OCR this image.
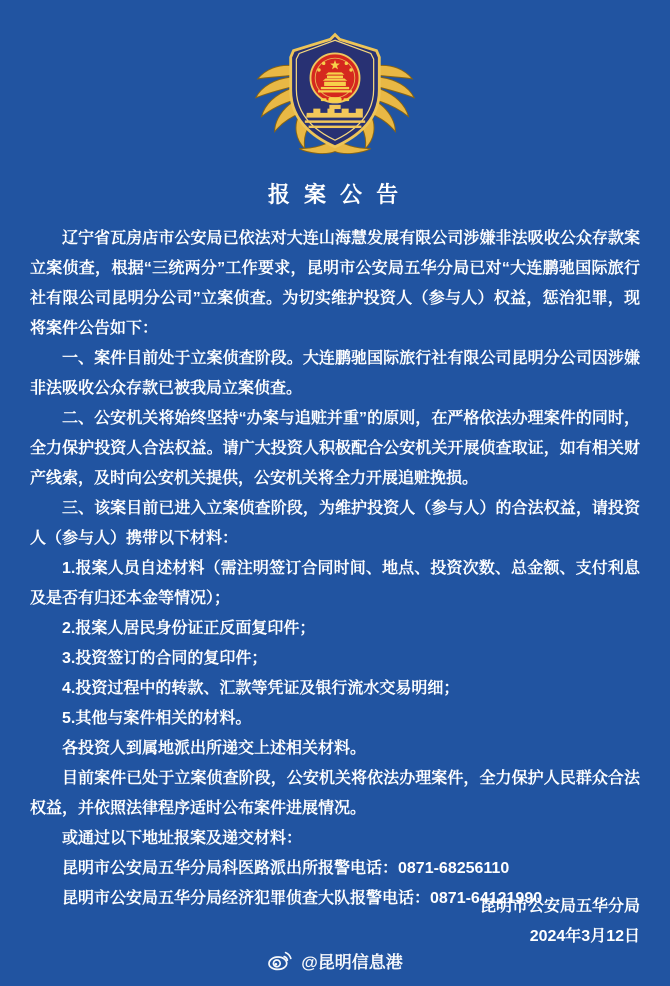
报 案 公 告

辽宁省瓦房店市公安局已依法对大连山海慧发展有限公司涉嫌非法吸收公众存款案立案侦查，根据“三统两分”工作要求，昆明市公安局五华分局已对“大连鹏驰国际旅行社有限公司昆明分公司”立案侦查。为切实维护投资人（参与人）权益，惩治犯罪，现将案件公告如下：

一、案件目前处于立案侦查阶段。大连鹏驰国际旅行社有限公司昆明分公司因涉嫌非法吸收公众存款已被我局立案侦查。

二、公安机关将始终坚持“办案与追赃并重”的原则，在严格依法办理案件的同时，全力保护投资人合法权益。请广大投资人积极配合公安机关开展侦查取证，如有相关财产线索，及时向公安机关提供，公安机关将全力开展追赃挽损。

三、该案目前已进入立案侦查阶段，为维护投资人（参与人）的合法权益，请投资人（参与人）携带以下材料：

1.报案人员自述材料（需注明签订合同时间、地点、投资次数、总金额、支付利息及是否有归还本金等情况）；

2.报案人居民身份证正反面复印件；

3.投资签订的合同的复印件；

4.投资过程中的转款、汇款等凭证及银行流水交易明细；

5.其他与案件相关的材料。

各投资人到属地派出所递交上述相关材料。

目前案件已处于立案侦查阶段，公安机关将依法办理案件，全力保护人民群众合法权益，并依照法律程序适时公布案件进展情况。

或通过以下地址报案及递交材料：

昆明市公安局五华分局科医路派出所报警电话：0871-68256110

昆明市公安局五华分局经济犯罪侦查大队报警电话：0871-64121990

昆明市公安局五华分局

2024年3月12日

@昆明信息港
